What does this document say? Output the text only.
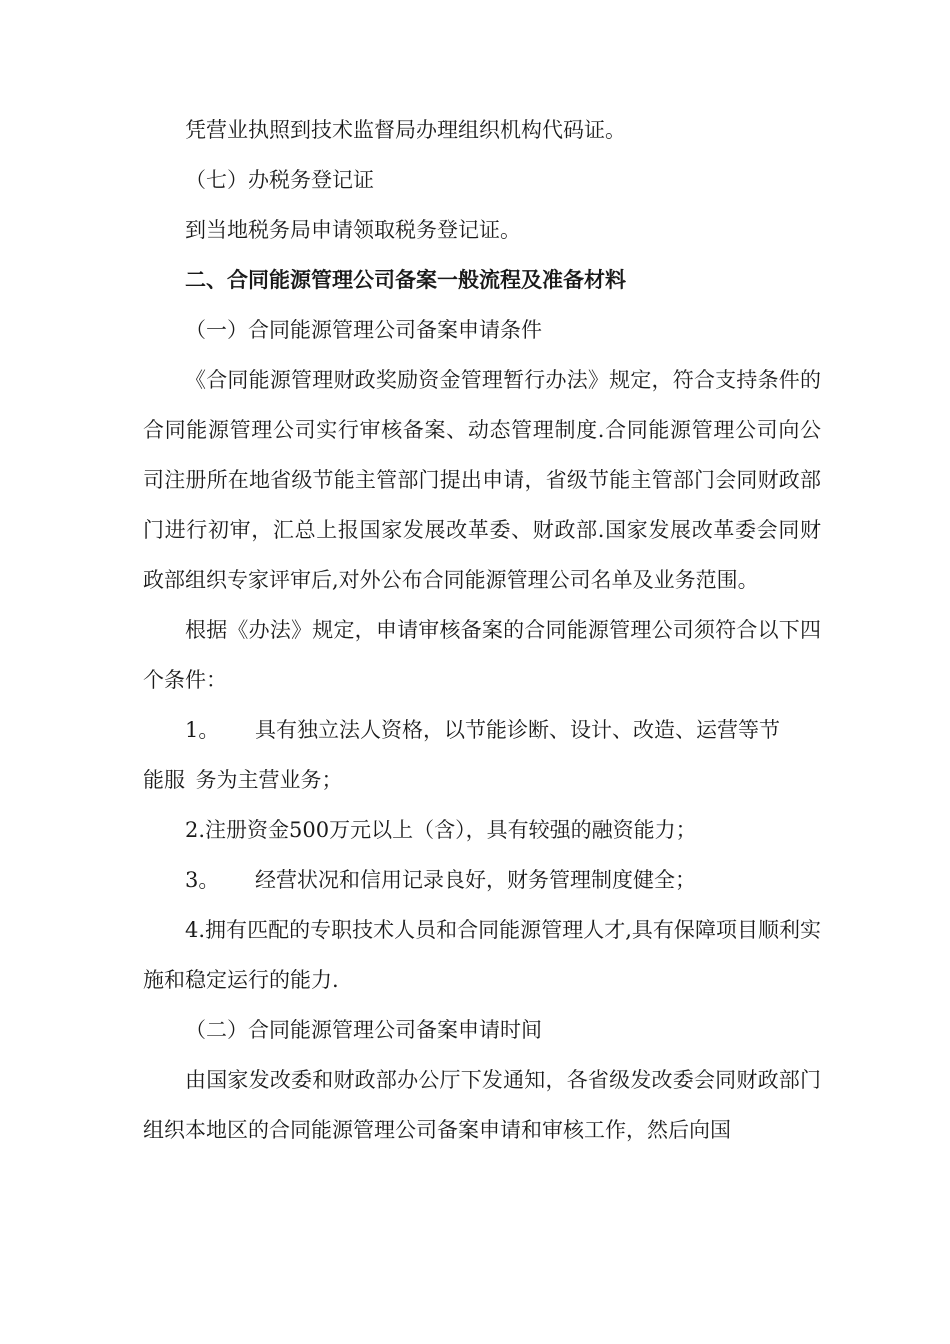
凭营业执照到技术监督局办理组织机构代码证。
（七）办税务登记证
到当地税务局申请领取税务登记证。
二、合同能源管理公司备案一般流程及准备材料
（一）合同能源管理公司备案申请条件

《合同能源管理财政奖励资金管理暂行办法》规定，符合支持条件的合同能源管理公司实行审核备案、动态管理制度.合同能源管理公司向公司注册所在地省级节能主管部门提出申请，省级节能主管部门会同财政部门进行初审，汇总上报国家发展改革委、财政部.国家发展改革委会同财政部组织专家评审后,对外公布合同能源管理公司名单及业务范围。

根据《办法》规定，申请审核备案的合同能源管理公司须符合以下四个条件：

1。 具有独立法人资格，以节能诊断、设计、改造、运营等节
能服 务为主营业务；
2.注册资金500万元以上（含），具有较强的融资能力；
3。 经营状况和信用记录良好，财务管理制度健全；

4.拥有匹配的专职技术人员和合同能源管理人才,具有保障项目顺利实施和稳定运行的能力.

（二）合同能源管理公司备案申请时间

由国家发改委和财政部办公厅下发通知，各省级发改委会同财政部门组织本地区的合同能源管理公司备案申请和审核工作，然后向国
